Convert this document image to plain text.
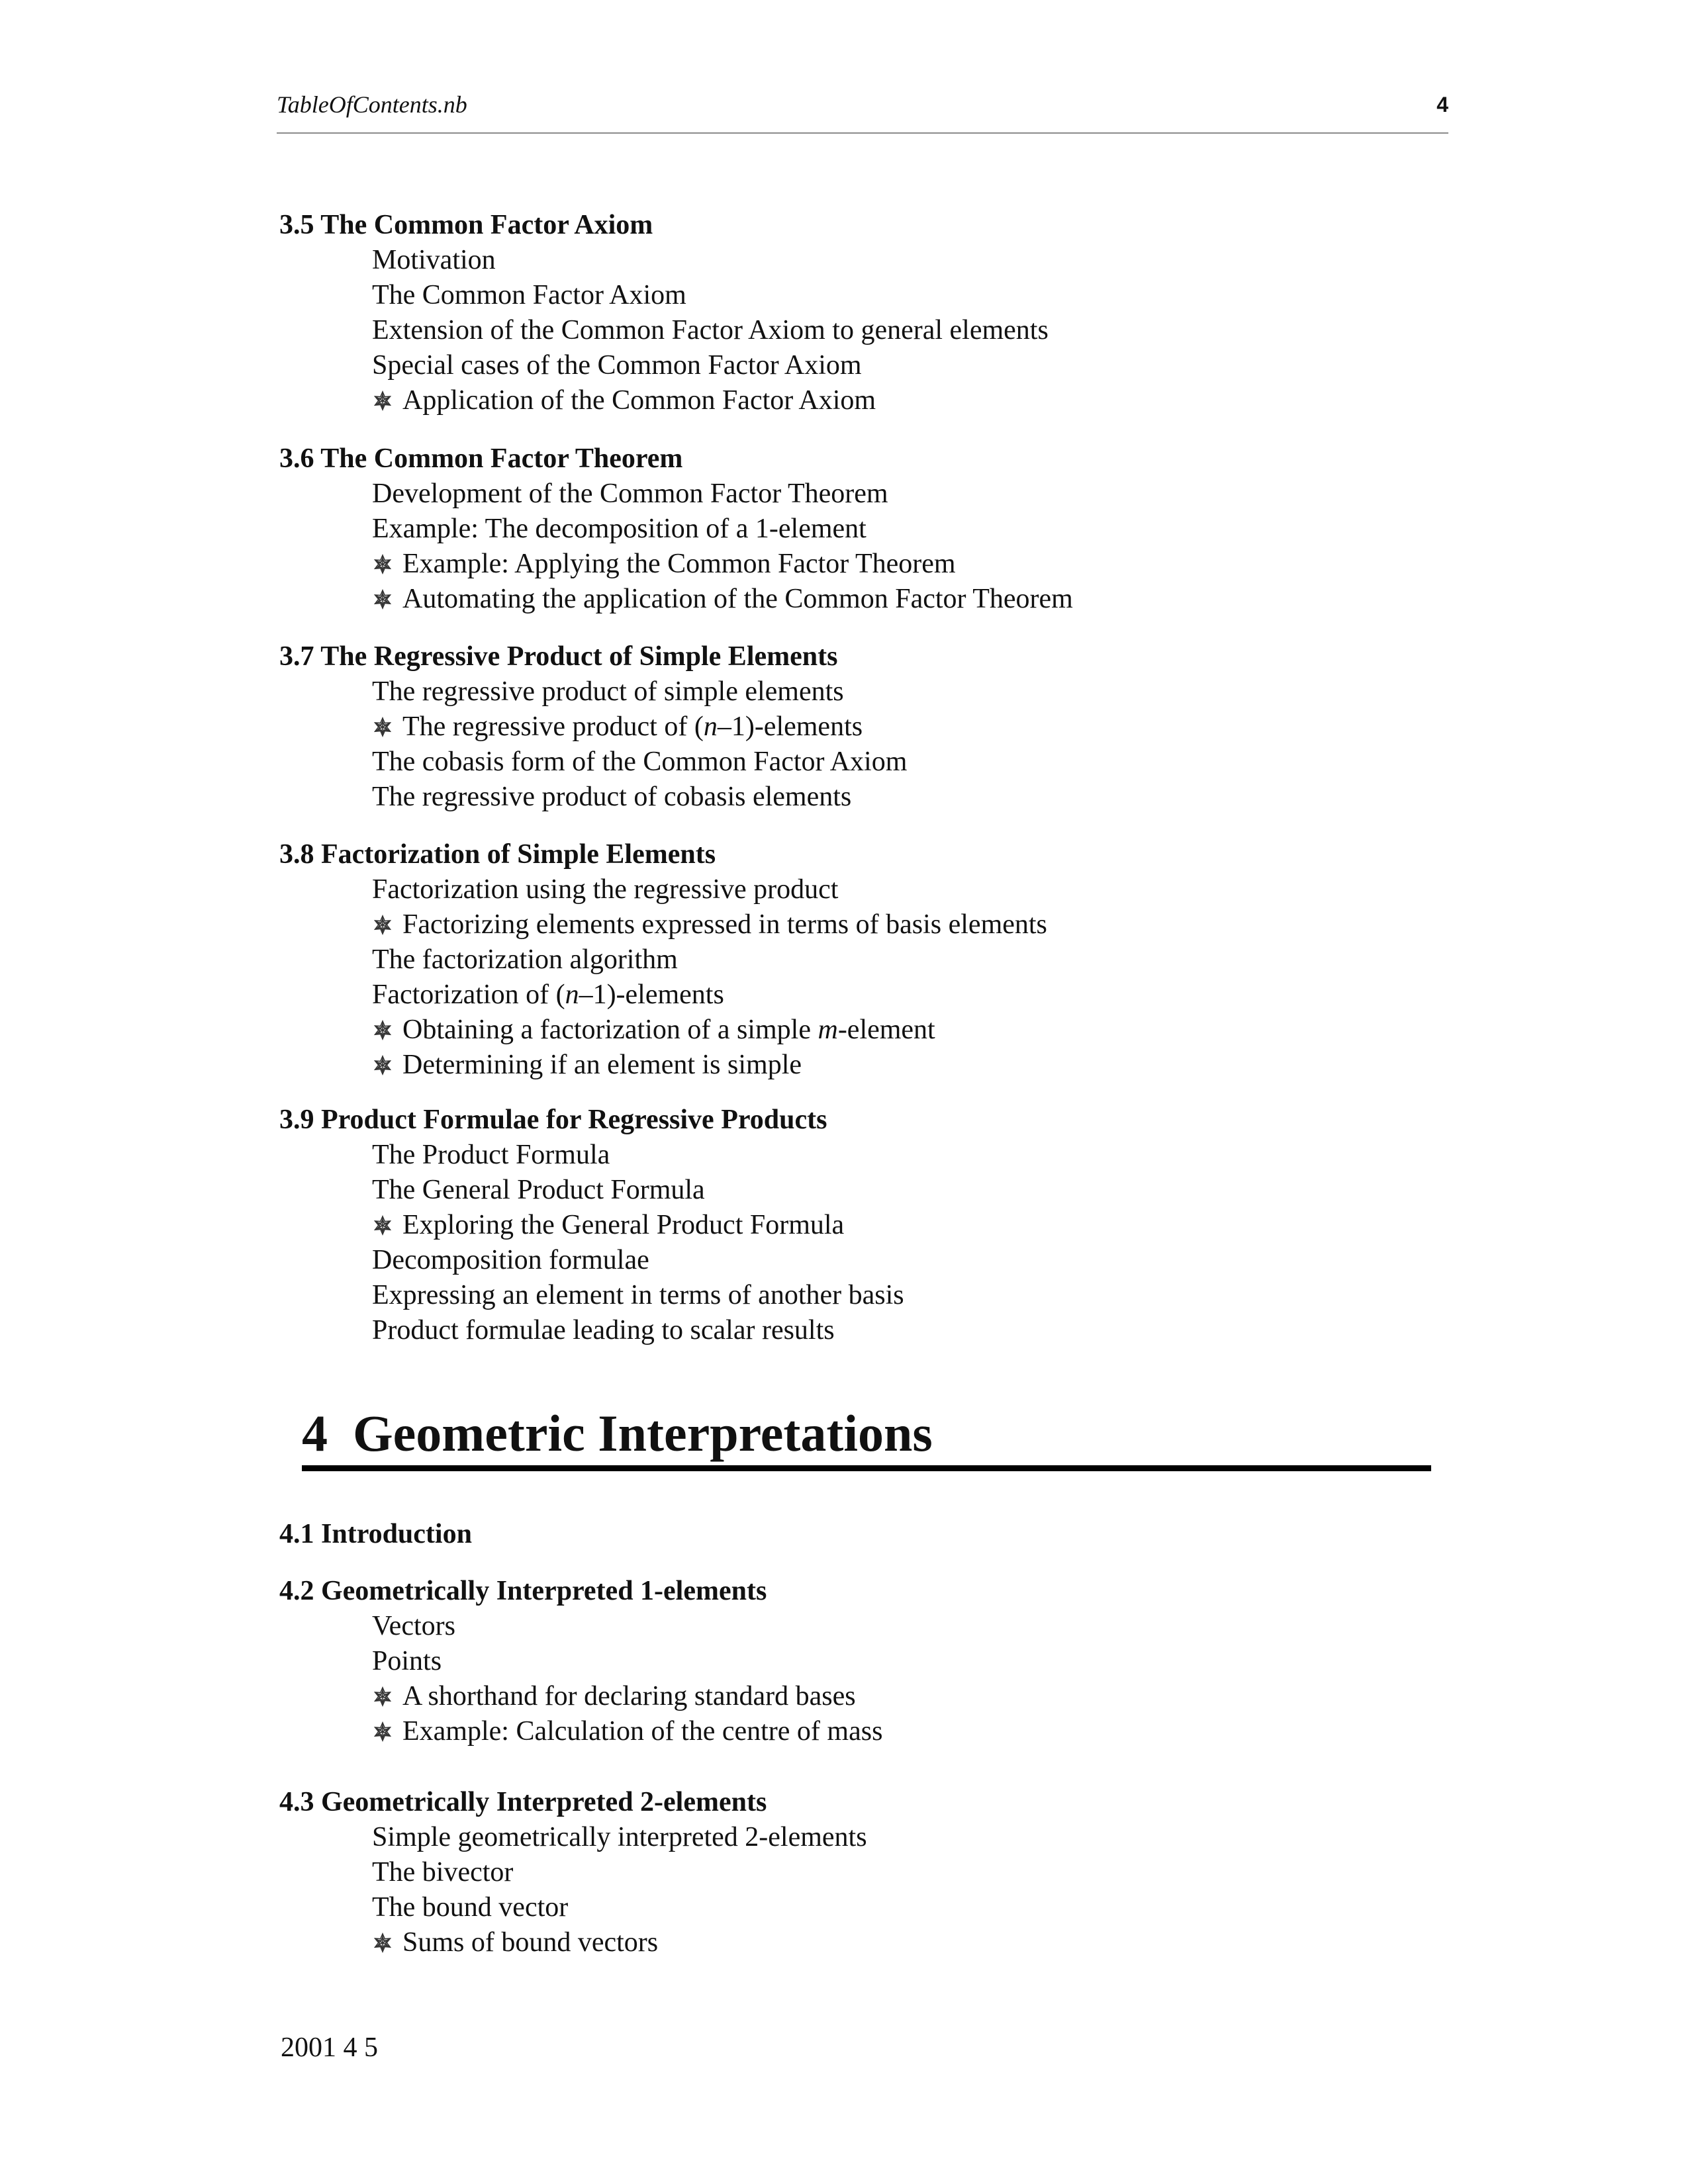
TableOfContents.nb	4
3.5 The Common Factor Axiom
Motivation
The Common Factor Axiom
Extension of the Common Factor Axiom to general elements
Special cases of the Common Factor Axiom
Application of the Common Factor Axiom
3.6 The Common Factor Theorem
Development of the Common Factor Theorem
Example: The decomposition of a 1-element
Example: Applying the Common Factor Theorem
Automating the application of the Common Factor Theorem
3.7 The Regressive Product of Simple Elements
The regressive product of simple elements
The regressive product of (n–1)-elements
The cobasis form of the Common Factor Axiom
The regressive product of cobasis elements
3.8 Factorization of Simple Elements
Factorization using the regressive product
Factorizing elements expressed in terms of basis elements
The factorization algorithm
Factorization of (n–1)-elements
Obtaining a factorization of a simple m-element
Determining if an element is simple
3.9 Product Formulae for Regressive Products
The Product Formula
The General Product Formula
Exploring the General Product Formula
Decomposition formulae
Expressing an element in terms of another basis
Product formulae leading to scalar results
4.1 Introduction
4.2 Geometrically Interpreted 1-elements
Vectors
Points
A shorthand for declaring standard bases
Example: Calculation of the centre of mass
4.3 Geometrically Interpreted 2-elements
Simple geometrically interpreted 2-elements
The bivector
The bound vector
Sums of bound vectors
4 Geometric Interpretations
2001 4 5
